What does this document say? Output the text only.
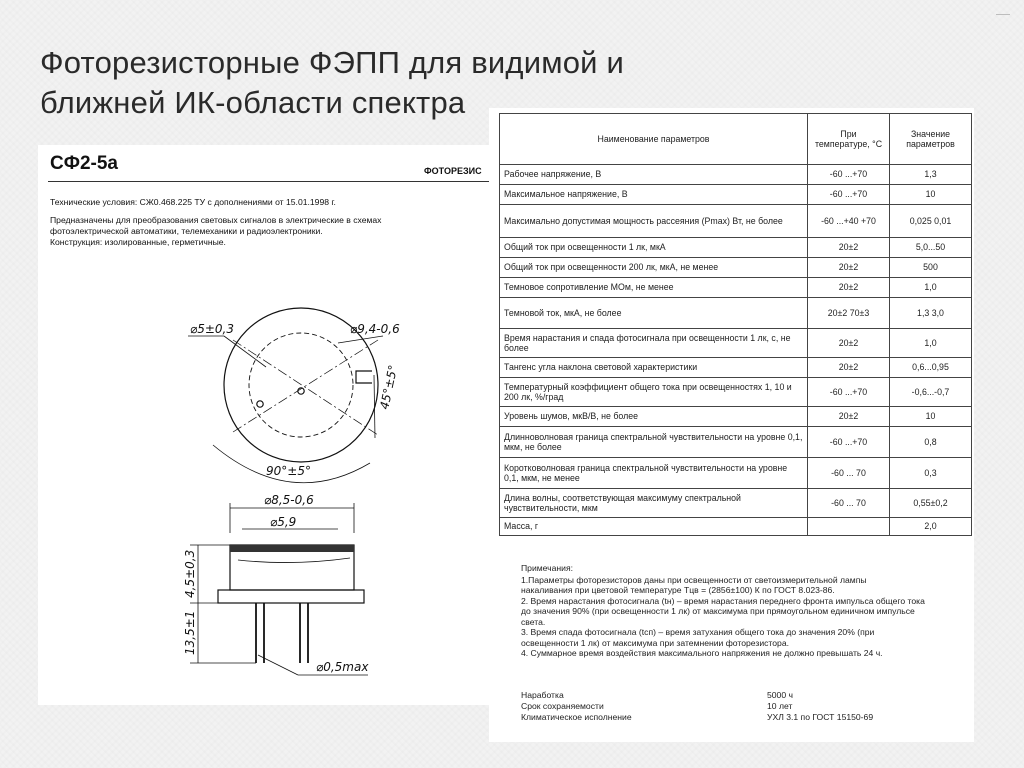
Фоторезисторные ФЭПП для видимой и ближней ИК-области спектра
СФ2-5а	ФОТОРЕЗИС

Технические условия: СЖ0.468.225 ТУ с дополнениями от 15.01.1998 г.

Предназначены для преобразования световых сигналов в электрические в схемах

фотоэлектрической автоматики, телемеханики и радиоэлектроники.

Конструкция: изолированные, герметичные.

⌀5±0,3	⌀9,4-0,6
45°±5°
90°±5°
⌀8,5-0,6
⌀5,9
4,5±0,3
13,5±1
⌀0,5max
Наименование параметров	При температуре, °С	Значение параметров
Рабочее напряжение, В	-60 ...+70	1,3
Максимальное напряжение, В	-60 ...+70	10
Максимально допустимая мощность рассеяния (Pmax) Вт, не более	-60 ...+40 +70	0,025 0,01
Общий ток при освещенности 1 лк, мкА	20±2	5,0...50
Общий ток при освещенности 200 лк, мкА, не менее	20±2	500
Темновое сопротивление МОм, не менее	20±2	1,0
Темновой ток, мкА, не более	20±2 70±3	1,3 3,0
Время нарастания и спада фотосигнала при освещенности 1 лк, с, не более	20±2	1,0
Тангенс угла наклона световой характеристики	20±2	0,6...0,95
Температурный коэффициент общего тока при освещенностях 1, 10 и 200 лк, %/град	-60 ...+70	-0,6...-0,7
Уровень шумов, мкВ/В, не более	20±2	10
Длинноволновая граница спектральной чувствительности на уровне 0,1, мкм, не более	-60 ...+70	0,8
Коротковолновая граница спектральной чувствительности на уровне 0,1, мкм, не менее	-60 ... 70	0,3
Длина волны, соответствующая максимуму спектральной чувствительности, мкм	-60 ... 70	0,55±0,2
Масса, г		2,0

Примечания:

1.Параметры фоторезисторов даны при освещенности от светоизмерительной лампы

накаливания при цветовой температуре Тцв = (2856±100) К по ГОСТ 8.023-86.

2. Время нарастания фотосигнала (tн) – время нарастания переднего фронта импульса общего тока

до значения 90% (при освещенности 1 лк) от максимума при прямоугольном единичном импульсе

света.

3. Время спада фотосигнала (tсп) – время затухания общего тока до значения 20% (при

освещенности 1 лк) от максимума при затемнении фоторезистора.

4. Суммарное время воздействия максимального напряжения не должно превышать 24 ч.

Наработка	5000 ч
Срок сохраняемости	10 лет
Климатическое исполнение	УХЛ 3.1 по ГОСТ 15150-69
